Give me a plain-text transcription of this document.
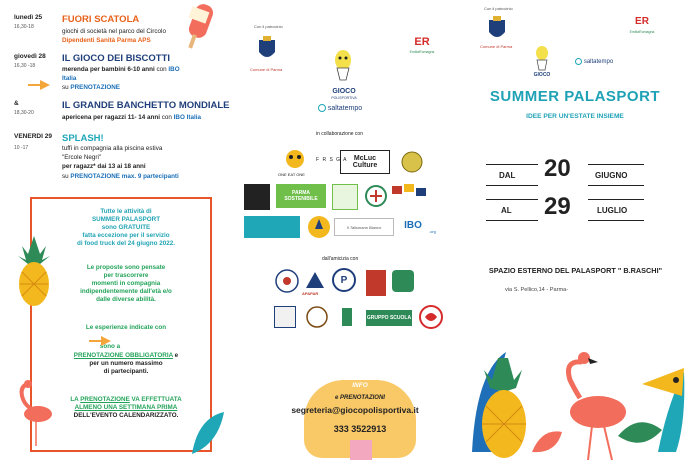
lunedì 25
16,30-18
FUORI SCATOLA
giochi di società nel parco del Circolo
Dipendenti Sanità Parma APS
giovedì 28
16,30 -18
IL GIOCO DEI BISCOTTI
merenda per bambini 6-10 anni con IBO
Italia
su PRENOTAZIONE
&
18,30-20
IL GRANDE BANCHETTO MONDIALE
apericena per ragazzi 11- 14 anni con IBO Italia
VENERDI 29
10 -17
SPLASH!
tuffi in compagnia alla piscina estiva
"Ercole Negri"
per ragazz* dai 13 ai 18 anni
su PRENOTAZIONE max. 9 partecipanti
Tutte le attività di
SUMMER PALASPORT
sono GRATUITE
fatta eccezione per il servizio
di food truck del 24 giugno 2022.
Le proposte sono pensate
per trascorrere
momenti in compagnia
indipendentemente dall'età e/o
dalle diverse abilità.
Le esperienze indicate con
sono a
PRENOTAZIONE OBBLIGATORIA e
per un numero massimo
di partecipanti.
LA PRENOTAZIONE VA EFFETTUATA
ALMENO UNA SETTIMANA PRIMA
DELL'EVENTO CALENDARIZZATO.
Con il patrocinio
Comune di Parma
GIOCO
POLISPORTIVA
saltatempo
ER
EmiliaRomagna
in collaborazione con
ONE EAT ONE
F R S G A McLuc Culture
PARMA SOSTENIBILE
Il Talismano Bianco	IBO
.org
dall'amicizia con
APAPAR
P
GRUPPO SCUOLA
INFO
e PRENOTAZIONI
segreteria@giocopolisportiva.it
333 3522913
Con il patrocinio
Comune di Parma
GIOCO
saltatempo
ER
EmiliaRomagna
SUMMER PALASPORT
IDEE PER UN'ESTATE INSIEME
DAL 20	GIUGNO
AL 29	LUGLIO
SPAZIO ESTERNO DEL PALASPORT " B.RASCHI"
via S. Pellico,14 - Parma-
